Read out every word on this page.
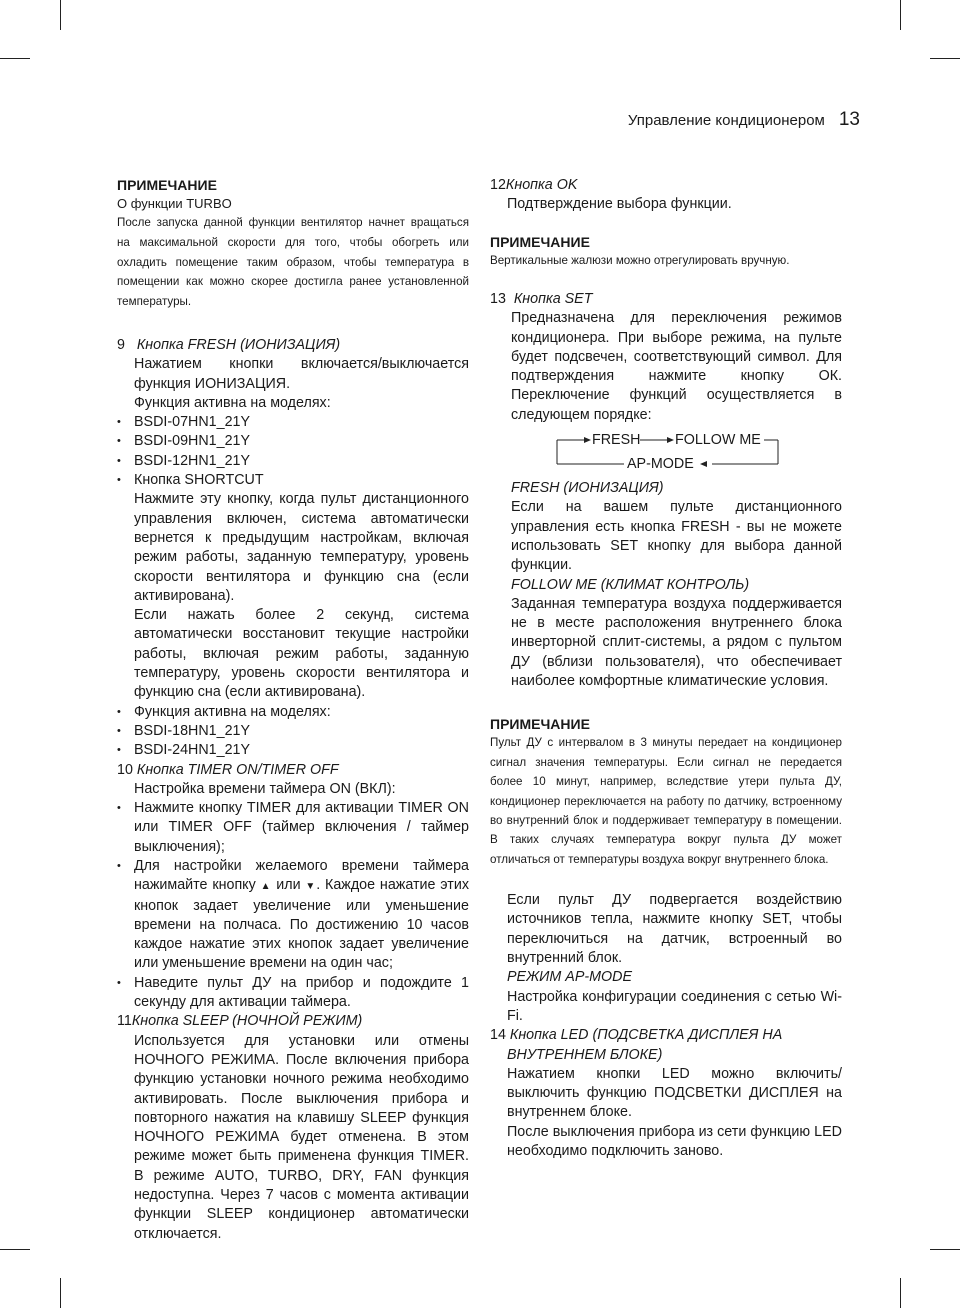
Управление кондиционером 13

ПРИМЕЧАНИЕ

О функции TURBO

После запуска данной функции вентилятор начнет вращаться на максимальной скорости для того, чтобы обогреть или охладить помещение таким образом, чтобы температура в помещении как можно скорее достигла ранее установленной температуры.

9 Кнопка FRESH (ИОНИЗАЦИЯ)

Нажатием кнопки включается/выключается функция ИОНИЗАЦИЯ.

Функция активна на моделях:

• BSDI-07HN1_21Y
• BSDI-09HN1_21Y
• BSDI-12HN1_21Y
• Кнопка SHORTCUT

Нажмите эту кнопку, когда пульт дистанционного управления включен, система автоматически вернется к предыдущим настройкам, включая режим работы, заданную температуру, уровень скорости вентилятора и функцию сна (если активирована).

Если нажать более 2 секунд, система автоматически восстановит текущие настройки работы, включая режим работы, заданную температуру, уровень скорости вентилятора и функцию сна (если активирована).

• Функция активна на моделях:
• BSDI-18HN1_21Y
• BSDI-24HN1_21Y

10 Кнопка TIMER ON/TIMER OFF

Настройка времени таймера ON (ВКЛ):

• Нажмите кнопку TIMER для активации TIMER ON или TIMER OFF (таймер включения / таймер выключения);
• Для настройки желаемого времени таймера нажимайте кнопку ▲ или ▼. Каждое нажатие этих кнопок задает увеличение или уменьшение времени на полчаса. По достижению 10 часов каждое нажатие этих кнопок задает увеличение или уменьшение времени на один час;
• Наведите пульт ДУ на прибор и подождите 1 секунду для активации таймера.

11Кнопка SLEEP (НОЧНОЙ РЕЖИМ)

Используется для установки или отмены НОЧНОГО РЕЖИМА. После включения прибора функцию установки ночного режима необходимо активировать. После выключения прибора и повторного нажатия на клавишу SLEEP функция НОЧНОГО РЕЖИМА будет отменена. В этом режиме может быть применена функция TIMER. В режиме AUTO, TURBO, DRY, FAN функция недоступна. Через 7 часов с момента активации функции SLEEP кондиционер автоматически отключается.

12Кнопка OK

Подтверждение выбора функции.

ПРИМЕЧАНИЕ

Вертикальные жалюзи можно отрегулировать вручную.

13 Кнопка SET

Предназначена для переключения режимов кондиционера. При выборе режима, на пульте будет подсвечен, соответствующий символ. Для подтверждения нажмите кнопку ОК. Переключение функций осуществляется в следующем порядке:

FRESH FOLLOW ME
AP-MODE

FRESH (ИОНИЗАЦИЯ)

Если на вашем пульте дистанционного управления есть кнопка FRESH - вы не можете использовать SET кнопку для выбора данной функции.

FOLLOW ME (КЛИМАТ КОНТРОЛЬ)

Заданная температура воздуха поддерживается не в месте расположения внутреннего блока инверторной сплит-системы, а рядом с пультом ДУ (вблизи пользователя), что обеспечивает наиболее комфортные климатические условия.

ПРИМЕЧАНИЕ

Пульт ДУ с интервалом в 3 минуты передает на кондиционер сигнал значения температуры. Если сигнал не передается более 10 минут, например, вследствие утери пульта ДУ, кондиционер переключается на работу по датчику, встроенному во внутренний блок и поддерживает температуру в помещении. В таких случаях температура вокруг пульта ДУ может отличаться от температуры воздуха вокруг внутреннего блока.

Если пульт ДУ подвергается воздействию источников тепла, нажмите кнопку SET, чтобы переключиться на датчик, встроенный во внутренний блок.

РЕЖИМ AP-MODE

Настройка конфигурации соединения с сетью Wi-Fi.

14 Кнопка LED (ПОДСВЕТКА ДИСПЛЕЯ НА ВНУТРЕННЕМ БЛОКЕ)

Нажатием кнопки LED можно включить/выключить функцию ПОДСВЕТКИ ДИСПЛЕЯ на внутреннем блоке.

После выключения прибора из сети функцию LED необходимо подключить заново.
